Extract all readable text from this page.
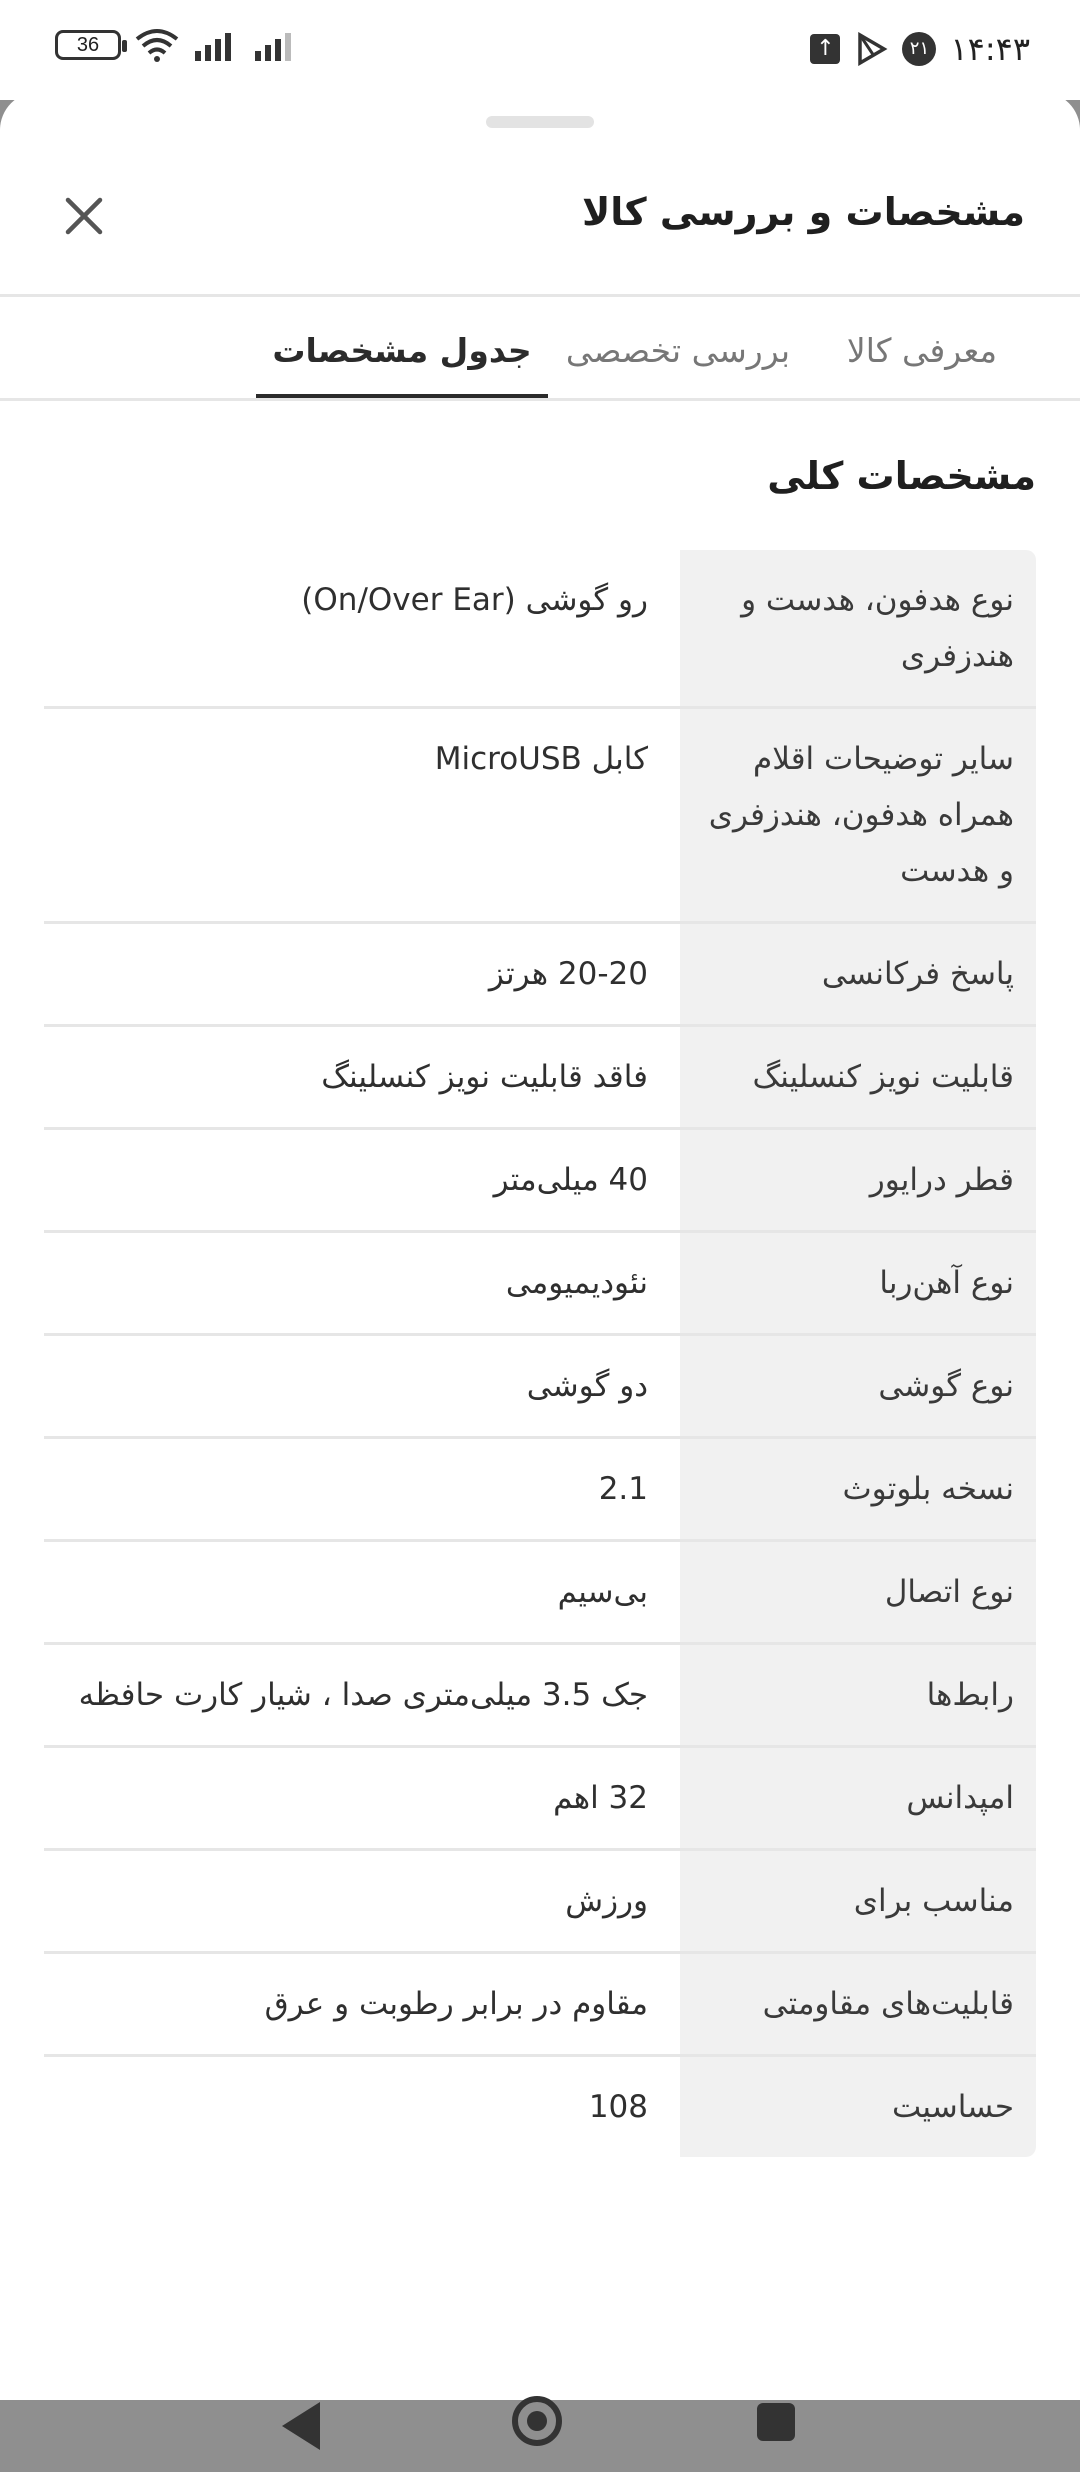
36	↑	۲۱ ۱۴:۴۳
مشخصات و بررسی کالا
معرفی کالا
بررسی تخصصی
جدول مشخصات
مشخصات کلی
نوع هدفون، هدست و هندزفری
رو گوشی (On/Over Ear)
سایر توضیحات اقلام همراه هدفون، هندزفری و هدست
کابل MicroUSB
پاسخ فرکانسی
20-20 هرتز
قابلیت نویز کنسلینگ
فاقد قابلیت نویز کنسلینگ
قطر درایور
40 میلی‌متر
نوع آهن‌ربا
نئودیمیومی
نوع گوشی
دو گوشی
نسخه بلوتوث
2.1
نوع اتصال
بی‌سیم
رابط‌ها
جک 3.5 میلی‌متری صدا ، شیار کارت حافظه
امپدانس
32 اهم
مناسب برای
ورزش
قابلیت‌های مقاومتی
مقاوم در برابر رطوبت و عرق
حساسیت
108
